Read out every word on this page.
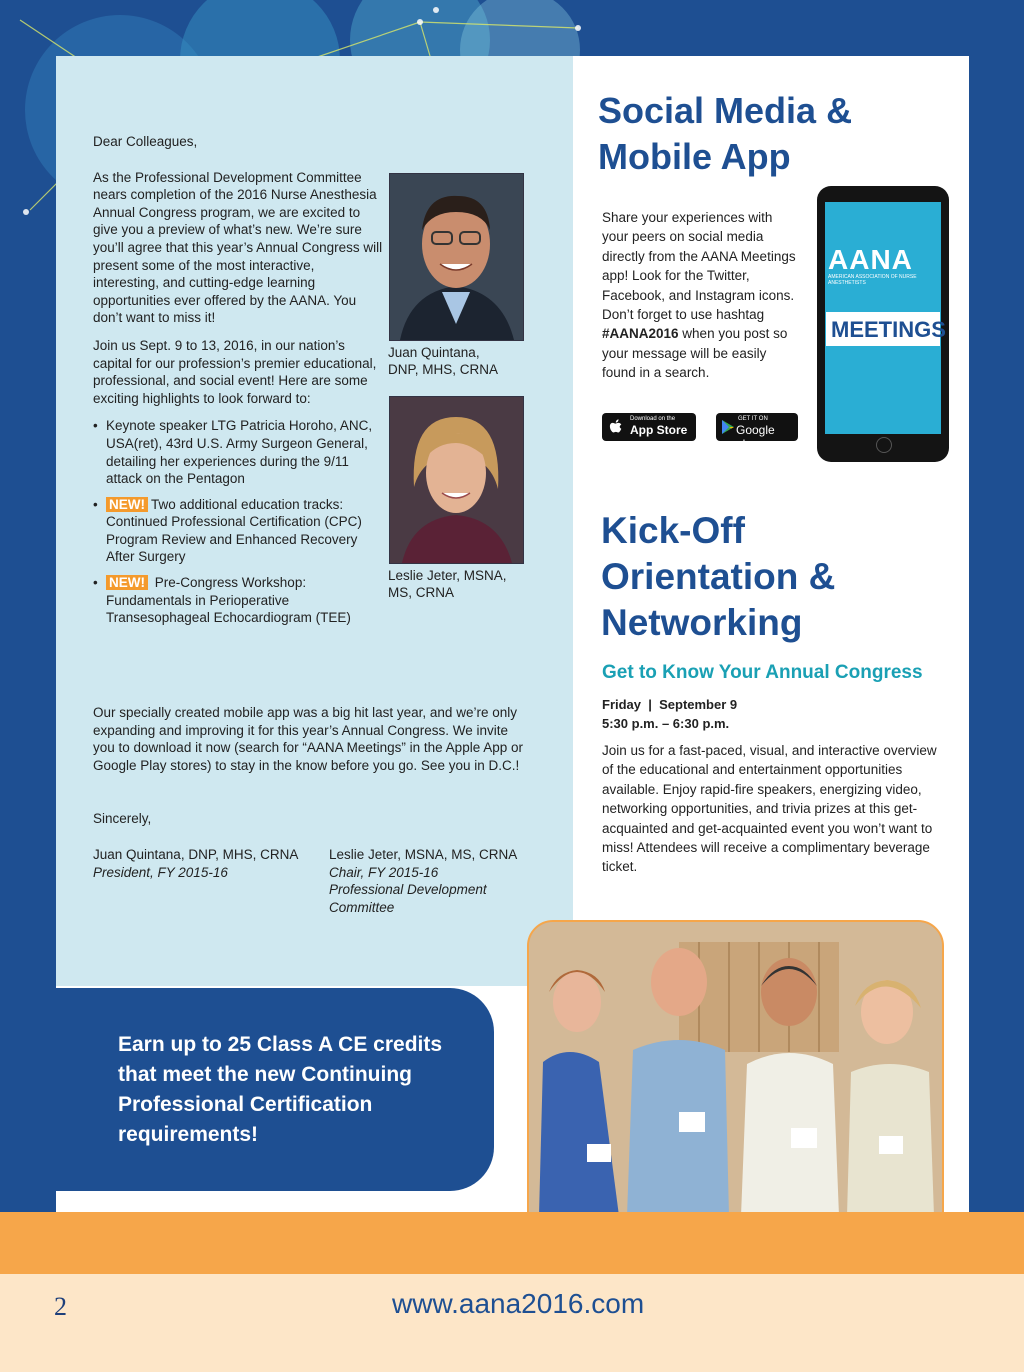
Dear Colleagues,

As the Professional Development Committee nears completion of the 2016 Nurse Anesthesia Annual Congress program, we are excited to give you a preview of what’s new. We’re sure you’ll agree that this year’s Annual Congress will present some of the most interactive, interesting, and cutting-edge learning opportunities ever offered by the AANA. You don’t want to miss it!

Join us Sept. 9 to 13, 2016, in our nation’s capital for our profession’s premier educational, professional, and social event! Here are some exciting highlights to look forward to:

• Keynote speaker LTG Patricia Horoho, ANC, USA(ret), 43rd U.S. Army Surgeon General, detailing her experiences during the 9/11 attack on the Pentagon
• NEW! Two additional education tracks: Continued Professional Certification (CPC) Program Review and Enhanced Recovery After Surgery
• NEW! Pre-Congress Workshop: Fundamentals in Perioperative Transesophageal Echocardiogram (TEE)
Our specially created mobile app was a big hit last year, and we’re only expanding and improving it for this year’s Annual Congress. We invite you to download it now (search for “AANA Meetings” in the Apple App or Google Play stores) to stay in the know before you go. See you in D.C.!
Sincerely,
Juan Quintana, DNP, MHS, CRNA
President, FY 2015-16
Leslie Jeter, MSNA, MS, CRNA
Chair, FY 2015-16
Professional Development
Committee
Juan Quintana,
DNP, MHS, CRNA
Leslie Jeter, MSNA,
MS, CRNA
Earn up to 25 Class A CE credits that meet the new Continuing Professional Certification requirements!
Social Media &
Mobile App
Share your experiences with your peers on social media directly from the AANA Meetings app! Look for the Twitter, Facebook, and Instagram icons. Don’t forget to use hashtag #AANA2016 when you post so your message will be easily found in a search.
Download on the
App Store
GET IT ON
Google play
AANA
AMERICAN ASSOCIATION OF NURSE ANESTHETISTS
MEETINGS
Kick-Off
Orientation &
Networking
Get to Know Your Annual Congress
Friday  |  September 9
5:30 p.m. – 6:30 p.m.
Join us for a fast-paced, visual, and interactive overview of the educational and entertainment opportunities available. Enjoy rapid-fire speakers, energizing video, networking opportunities, and trivia prizes at this get-acquainted and get-acquainted event you won’t want to miss! Attendees will receive a complimentary beverage ticket.
2	www.aana2016.com
